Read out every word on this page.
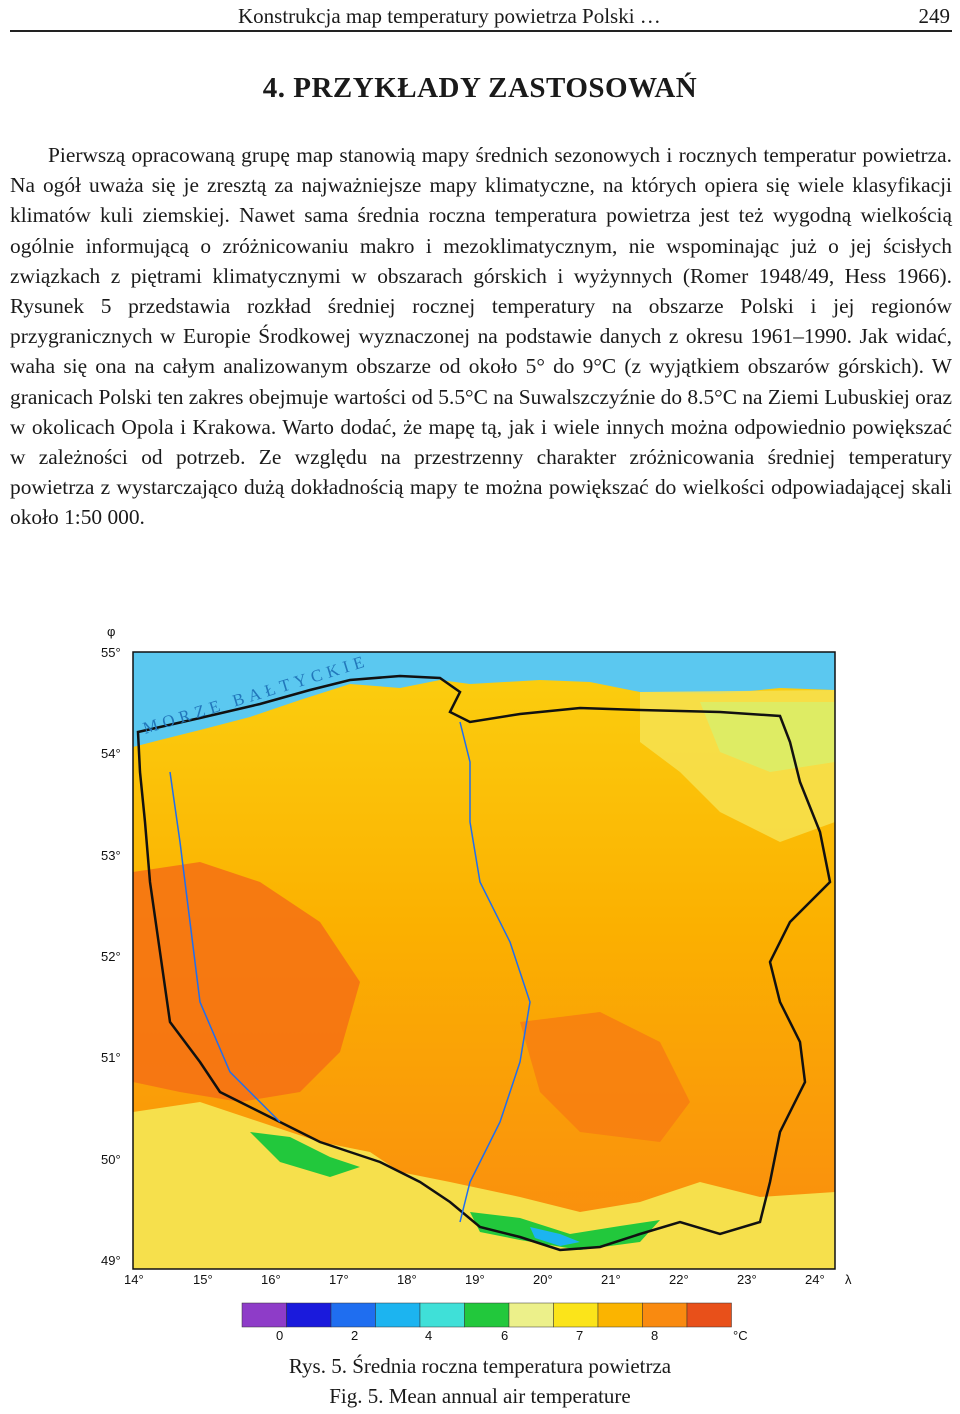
Konstrukcja map temperatury powietrza Polski …	249
4. PRZYKŁADY ZASTOSOWAŃ

Pierwszą opracowaną grupę map stanowią mapy średnich sezonowych i rocznych temperatur powietrza. Na ogół uważa się je zresztą za najważniejsze mapy klimatyczne, na których opiera się wiele klasyfikacji klimatów kuli ziemskiej. Nawet sama średnia roczna temperatura powietrza jest też wygodną wielkością ogólnie informującą o zróżnicowaniu makro i mezoklimatycznym, nie wspominając już o jej ścisłych związkach z piętrami klimatycznymi w obszarach górskich i wyżynnych (Romer 1948/49, Hess 1966). Rysunek 5 przedstawia rozkład średniej rocznej temperatury na obszarze Polski i jej regionów przygranicznych w Europie Środkowej wyznaczonej na podstawie danych z okresu 1961–1990. Jak widać, waha się ona na całym analizowanym obszarze od około 5° do 9°C (z wyjątkiem obszarów górskich). W granicach Polski ten zakres obejmuje wartości od 5.5°C na Suwalszczyźnie do 8.5°C na Ziemi Lubuskiej oraz w okolicach Opola i Krakowa. Warto dodać, że mapę tą, jak i wiele innych można odpowiednio powiększać w zależności od potrzeb. Ze względu na przestrzenny charakter zróżnicowania średniej temperatury powietrza z wystarczająco dużą dokładnością mapy te można powiększać do wielkości odpowiadającej skali około 1:50 000.

MORZE BAŁTYCKIE
φ
55°
54°
53°
52°
51°
50°
49°
14°	15°	16°	17°	18°	19°	20°	21°	22°	23°	24° λ
0	2	4	6	7	8	°C
Rys. 5. Średnia roczna temperatura powietrza
Fig. 5. Mean annual air temperature
